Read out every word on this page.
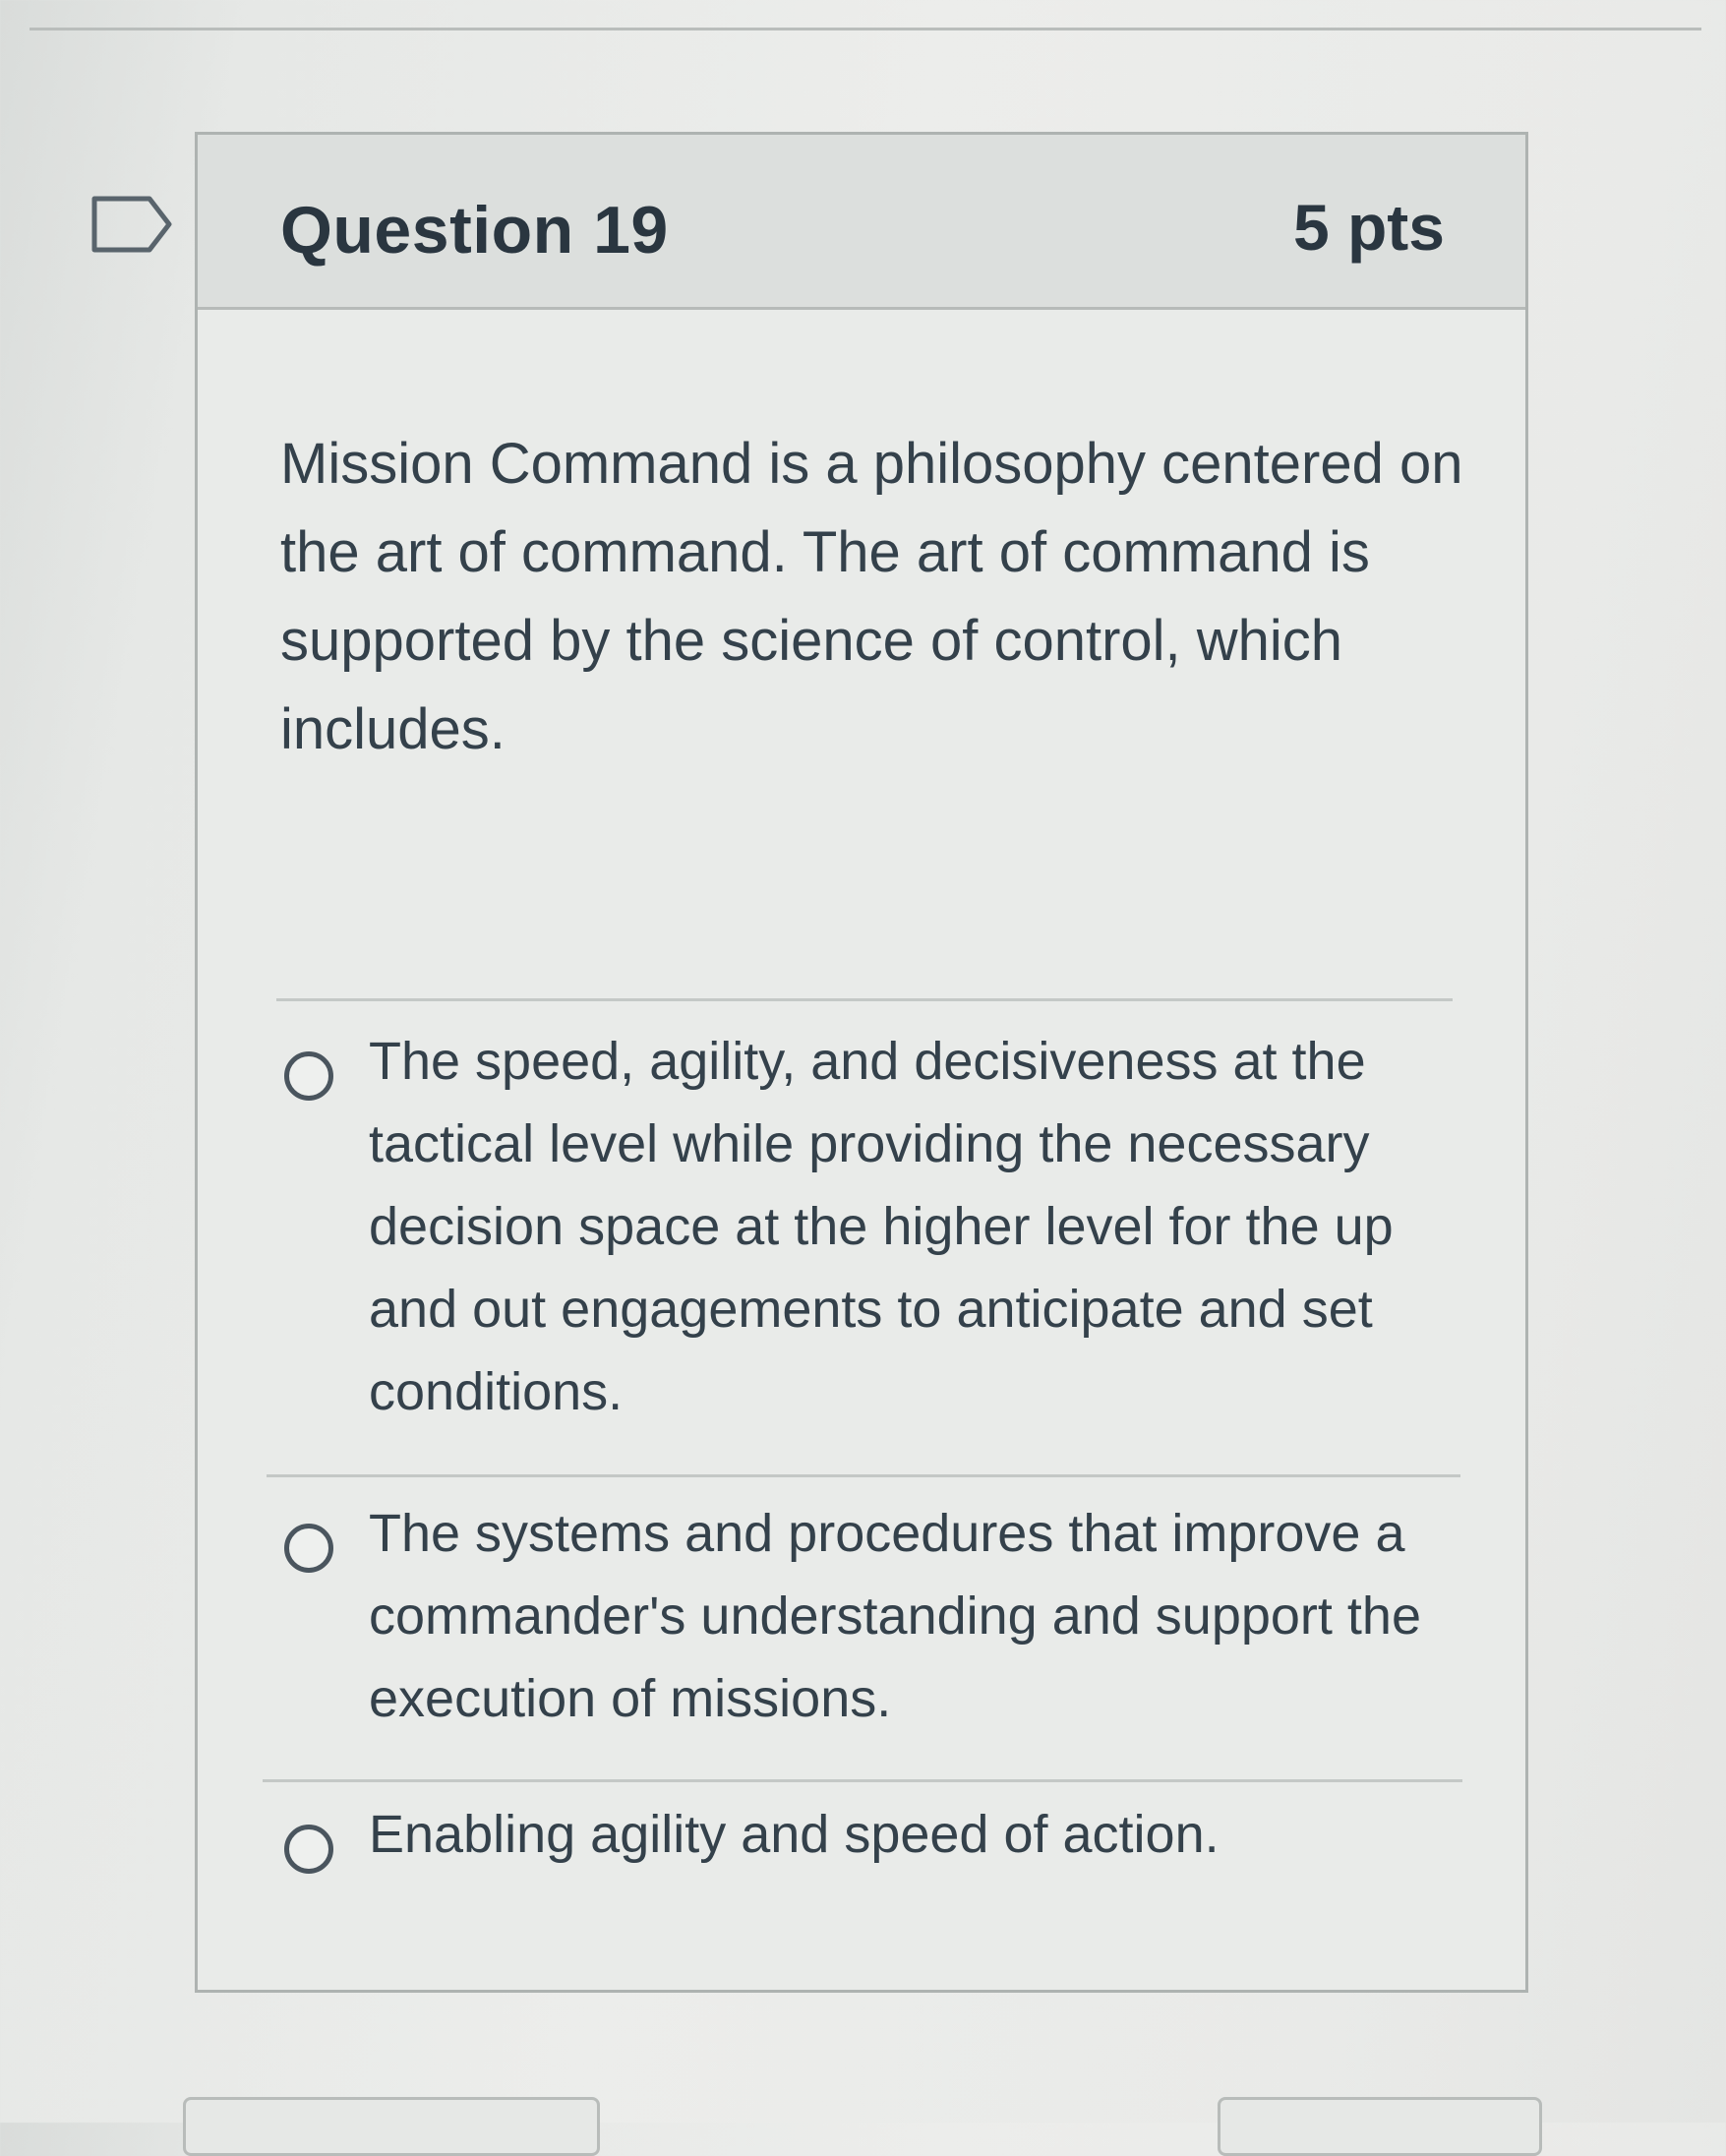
Question 19	5 pts
Mission Command is a philosophy centered on the art of command. The art of command is supported by the science of control, which includes.
The speed, agility, and decisiveness at the tactical level while providing the necessary decision space at the higher level for the up and out engagements to anticipate and set conditions.
The systems and procedures that improve a commander's understanding and support the execution of missions.
Enabling agility and speed of action.
